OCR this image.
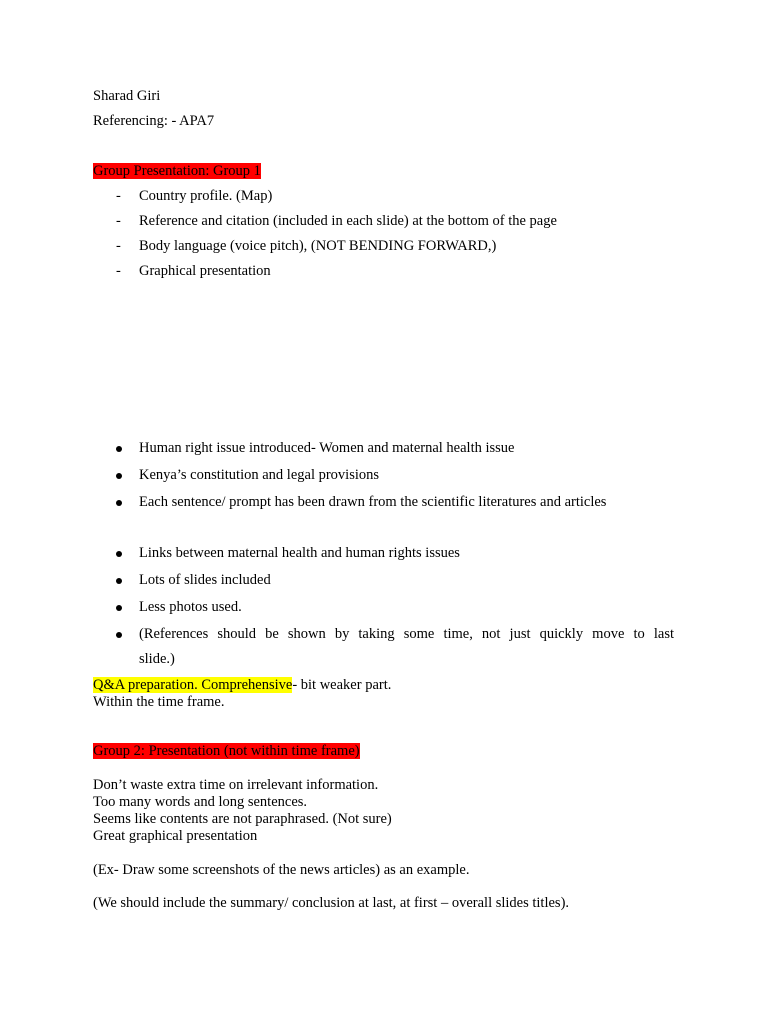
Sharad Giri
Referencing: - APA7
Group Presentation: Group 1
- Country profile. (Map)
- Reference and citation (included in each slide) at the bottom of the page
- Body language (voice pitch), (NOT BENDING FORWARD,)
- Graphical presentation
Human right issue introduced- Women and maternal health issue
Kenya’s constitution and legal provisions
Each sentence/ prompt has been drawn from the scientific literatures and articles
Links between maternal health and human rights issues
Lots of slides included
Less photos used.
(References should be shown by taking some time, not just quickly move to last
slide.)
Q&A preparation. Comprehensive- bit weaker part.
Within the time frame.
Group 2: Presentation (not within time frame)
Don’t waste extra time on irrelevant information.
Too many words and long sentences.
Seems like contents are not paraphrased. (Not sure)
Great graphical presentation
(Ex- Draw some screenshots of the news articles) as an example.
(We should include the summary/ conclusion at last, at first – overall slides titles).
